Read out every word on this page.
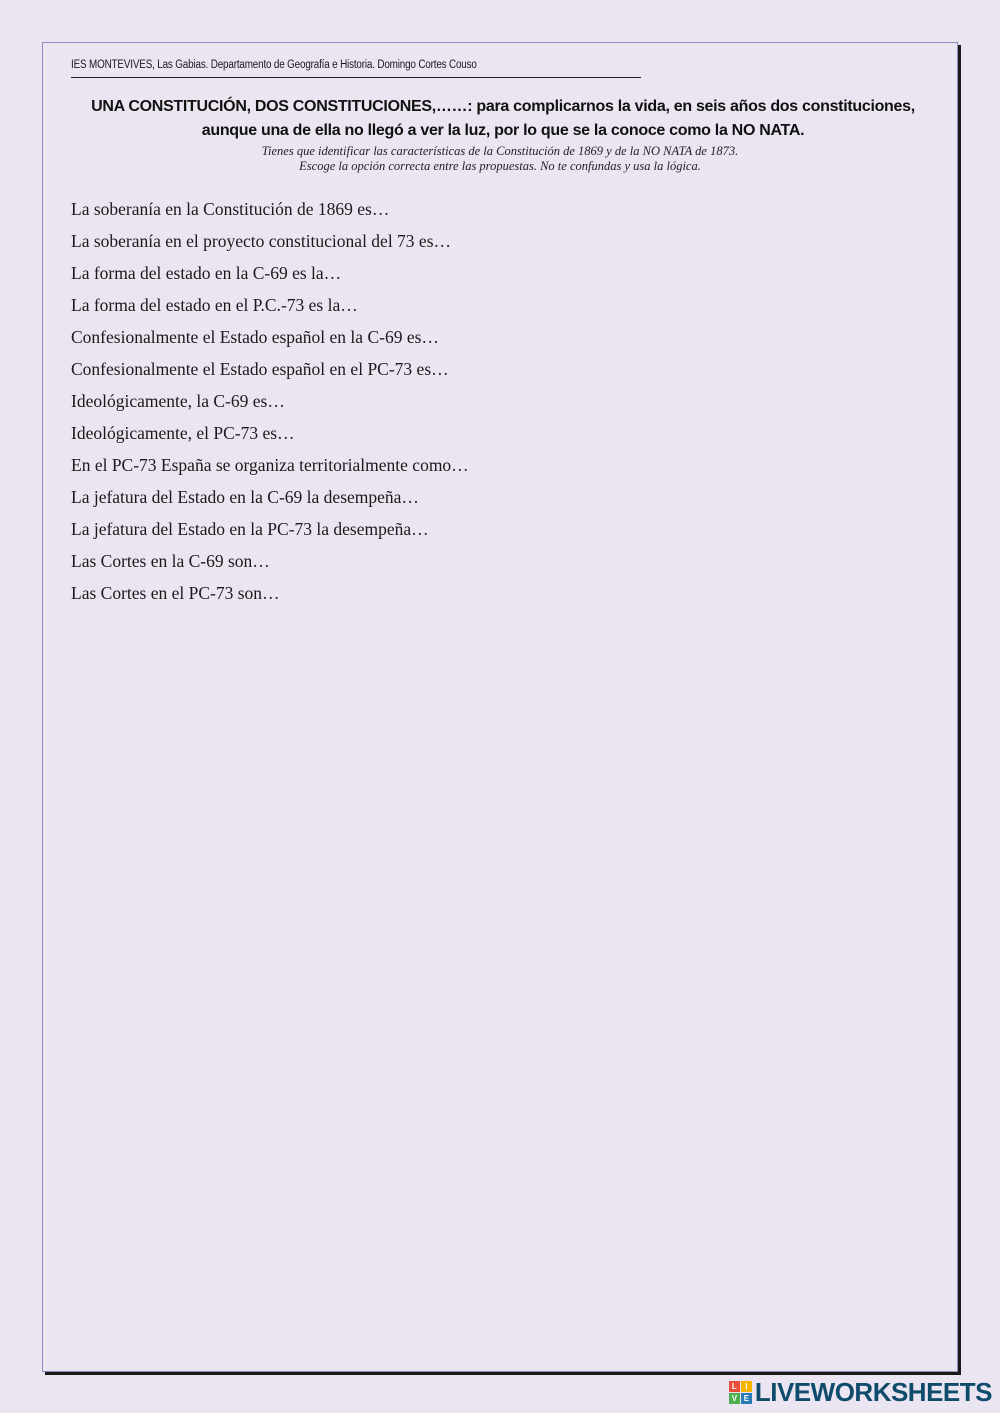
IES MONTEVIVES, Las Gabias. Departamento de Geografía e Historia. Domingo Cortes Couso
UNA CONSTITUCIÓN, DOS CONSTITUCIONES,……: para complicarnos la vida, en seis años dos constituciones, aunque una de ella no llegó a ver la luz, por lo que se la conoce como la NO NATA.
Tienes que identificar las características de la Constitución de 1869 y de la NO NATA de 1873.
Escoge la opción correcta entre las propuestas. No te confundas y usa la lógica.
La soberanía en la Constitución de 1869 es…
La soberanía en el proyecto constitucional del 73 es…
La forma del estado en la C-69 es la…
La forma del estado en el P.C.-73 es la…
Confesionalmente el Estado español en la C-69 es…
Confesionalmente el Estado español en el PC-73 es…
Ideológicamente, la C-69 es…
Ideológicamente, el PC-73 es…
En el PC-73 España se organiza territorialmente como…
La jefatura del Estado en la C-69 la desempeña…
La jefatura del Estado en la PC-73 la desempeña…
Las Cortes en la C-69 son…
Las Cortes en el PC-73 son…
L	I
V E LIVEWORKSHEETS
